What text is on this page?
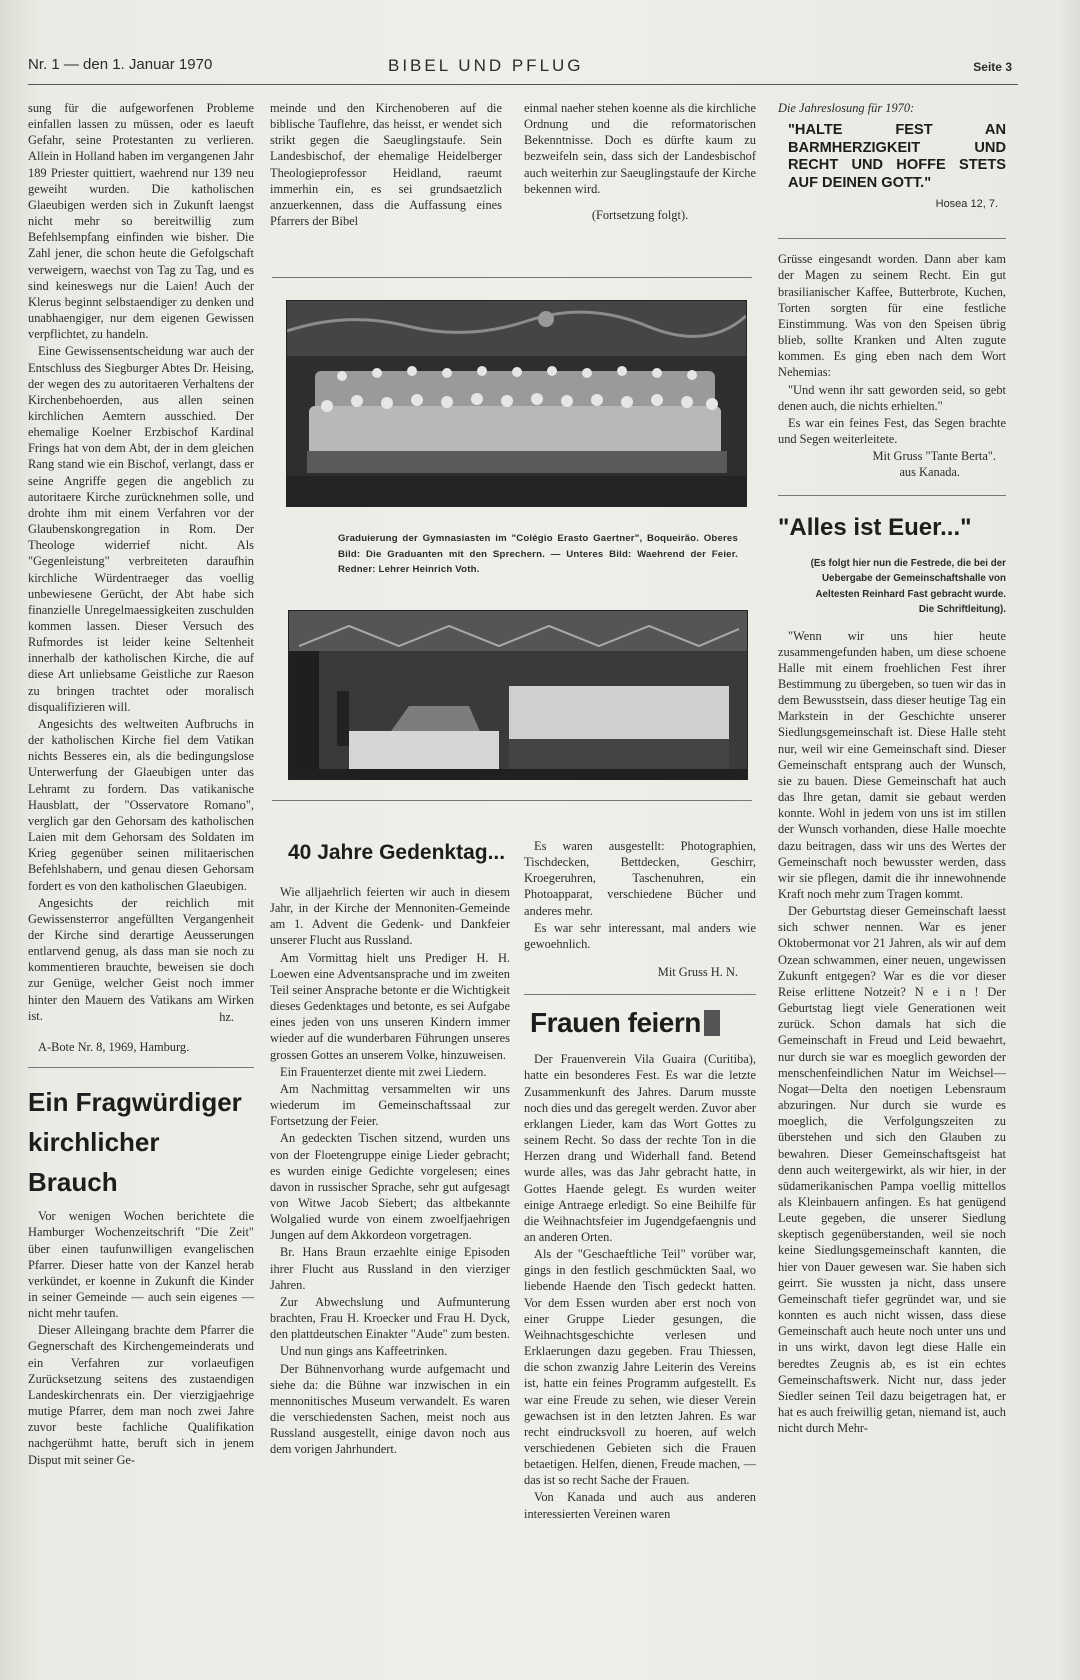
Nr. 1 — den 1. Januar 1970	BIBEL UND PFLUG	Seite 3

sung für die aufgeworfenen Probleme einfallen lassen zu müssen, oder es laeuft Gefahr, seine Protestanten zu verlieren. Allein in Holland haben im vergangenen Jahr 189 Priester quittiert, waehrend nur 139 neu geweiht wurden. Die katholischen Glaeubigen werden sich in Zukunft laengst nicht mehr so bereitwillig zum Befehlsempfang einfinden wie bisher. Die Zahl jener, die schon heute die Gefolgschaft verweigern, waechst von Tag zu Tag, und es sind keineswegs nur die Laien! Auch der Klerus beginnt selbstaendiger zu denken und unabhaengiger, nur dem eigenen Gewissen verpflichtet, zu handeln.

Eine Gewissensentscheidung war auch der Entschluss des Siegburger Abtes Dr. Heising, der wegen des zu autoritaeren Verhaltens der Kirchenbehoerden, aus allen seinen kirchlichen Aemtern ausschied. Der ehemalige Koelner Erzbischof Kardinal Frings hat von dem Abt, der in dem gleichen Rang stand wie ein Bischof, verlangt, dass er seine Angriffe gegen die angeblich zu autoritaere Kirche zurücknehmen solle, und drohte ihm mit einem Verfahren vor der Glaubenskongregation in Rom. Der Theologe widerrief nicht. Als "Gegenleistung" verbreiteten daraufhin kirchliche Würdentraeger das voellig unbewiesene Gerücht, der Abt habe sich finanzielle Unregelmaessigkeiten zuschulden kommen lassen. Dieser Versuch des Rufmordes ist leider keine Seltenheit innerhalb der katholischen Kirche, die auf diese Art unliebsame Geistliche zur Raeson zu bringen trachtet oder moralisch disqualifizieren will.

Angesichts des weltweiten Aufbruchs in der katholischen Kirche fiel dem Vatikan nichts Besseres ein, als die bedingungslose Unterwerfung der Glaeubigen unter das Lehramt zu fordern. Das vatikanische Hausblatt, der "Osservatore Romano", verglich gar den Gehorsam des katholischen Laien mit dem Gehorsam des Soldaten im Krieg gegenüber seinen militaerischen Befehlshabern, und genau diesen Gehorsam fordert es von den katholischen Glaeubigen.

Angesichts der reichlich mit Gewissensterror angefüllten Vergangenheit der Kirche sind derartige Aeusserungen entlarvend genug, als dass man sie noch zu kommentieren brauchte, beweisen sie doch zur Genüge, welcher Geist noch immer hinter den Mauern des Vatikans am Wirken ist.	hz.
A-Bote Nr. 8, 1969, Hamburg.
Ein Fragwürdiger
kirchlicher Brauch

Vor wenigen Wochen berichtete die Hamburger Wochenzeitschrift "Die Zeit" über einen taufunwilligen evangelischen Pfarrer. Dieser hatte von der Kanzel herab verkündet, er koenne in Zukunft die Kinder in seiner Gemeinde — auch sein eigenes — nicht mehr taufen.

Dieser Alleingang brachte dem Pfarrer die Gegnerschaft des Kirchengemeinderats und ein Verfahren zur vorlaeufigen Zurücksetzung seitens des zustaendigen Landeskirchenrats ein. Der vierzigjaehrige mutige Pfarrer, dem man noch zwei Jahre zuvor beste fachliche Qualifikation nachgerühmt hatte, beruft sich in jenem Disput mit seiner Ge-

meinde und den Kirchenoberen auf die biblische Tauflehre, das heisst, er wendet sich strikt gegen die Saeuglingstaufe. Sein Landesbischof, der ehemalige Heidelberger Theologieprofessor Heidland, raeumt immerhin ein, es sei grundsaetzlich anzuerkennen, dass die Auffassung eines Pfarrers der Bibel

einmal naeher stehen koenne als die kirchliche Ordnung und die reformatorischen Bekenntnisse. Doch es dürfte kaum zu bezweifeln sein, dass sich der Landesbischof auch weiterhin zur Saeuglingstaufe der Kirche bekennen wird.

(Fortsetzung folgt).
Graduierung der Gymnasiasten im "Colégio Erasto Gaertner", Boqueirão. Oberes Bild: Die Graduanten mit den Sprechern. — Unteres Bild: Waehrend der Feier. Redner: Lehrer Heinrich Voth.
40 Jahre Gedenktag...

Wie alljaehrlich feierten wir auch in diesem Jahr, in der Kirche der Mennoniten-Gemeinde am 1. Advent die Gedenk- und Dankfeier unserer Flucht aus Russland.

Am Vormittag hielt uns Prediger H. H. Loewen eine Adventsansprache und im zweiten Teil seiner Ansprache betonte er die Wichtigkeit dieses Gedenktages und betonte, es sei Aufgabe eines jeden von uns unseren Kindern immer wieder auf die wunderbaren Führungen unseres grossen Gottes an unserem Volke, hinzuweisen.

Ein Frauenterzet diente mit zwei Liedern.

Am Nachmittag versammelten wir uns wiederum im Gemeinschaftssaal zur Fortsetzung der Feier.

An gedeckten Tischen sitzend, wurden uns von der Floetengruppe einige Lieder gebracht; es wurden einige Gedichte vorgelesen; eines davon in russischer Sprache, sehr gut aufgesagt von Witwe Jacob Siebert; das altbekannte Wolgalied wurde von einem zwoelfjaehrigen Jungen auf dem Akkordeon vorgetragen.

Br. Hans Braun erzaehlte einige Episoden ihrer Flucht aus Russland in den vierziger Jahren.

Zur Abwechslung und Aufmunterung brachten, Frau H. Kroecker und Frau H. Dyck, den plattdeutschen Einakter "Aude" zum besten.

Und nun gings ans Kaffeetrinken.

Der Bühnenvorhang wurde aufgemacht und siehe da: die Bühne war inzwischen in ein mennonitisches Museum verwandelt. Es waren die verschiedensten Sachen, meist noch aus Russland ausgestellt, einige davon noch aus dem vorigen Jahrhundert.

Es waren ausgestellt: Photographien, Tischdecken, Bettdecken, Geschirr, Kroegeruhren, Taschenuhren, ein Photoapparat, verschiedene Bücher und anderes mehr.

Es war sehr interessant, mal anders wie gewoehnlich.

Mit Gruss H. N.
Frauen feiern

Der Frauenverein Vila Guaira (Curitiba), hatte ein besonderes Fest. Es war die letzte Zusammenkunft des Jahres. Darum musste noch dies und das geregelt werden. Zuvor aber erklangen Lieder, kam das Wort Gottes zu seinem Recht. So dass der rechte Ton in die Herzen drang und Widerhall fand. Betend wurde alles, was das Jahr gebracht hatte, in Gottes Haende gelegt. Es wurden weiter einige Antraege erledigt. So eine Beihilfe für die Weihnachtsfeier im Jugendgefaengnis und an anderen Orten.

Als der "Geschaeftliche Teil" vorüber war, gings in den festlich geschmückten Saal, wo liebende Haende den Tisch gedeckt hatten. Vor dem Essen wurden aber erst noch von einer Gruppe Lieder gesungen, die Weihnachtsgeschichte verlesen und Erklaerungen dazu gegeben. Frau Thiessen, die schon zwanzig Jahre Leiterin des Vereins ist, hatte ein feines Programm aufgestellt. Es war eine Freude zu sehen, wie dieser Verein gewachsen ist in den letzten Jahren. Es war recht eindrucksvoll zu hoeren, auf welch verschiedenen Gebieten sich die Frauen betaetigen. Helfen, dienen, Freude machen, — das ist so recht Sache der Frauen.

Von Kanada und auch aus anderen interessierten Vereinen waren

Die Jahreslosung für 1970:
"HALTE FEST AN BARMHERZIGKEIT UND RECHT UND HOFFE STETS AUF DEINEN GOTT."
Hosea 12, 7.

Grüsse eingesandt worden. Dann aber kam der Magen zu seinem Recht. Ein gut brasilianischer Kaffee, Butterbrote, Kuchen, Torten sorgten für eine festliche Einstimmung. Was von den Speisen übrig blieb, sollte Kranken und Alten zugute kommen. Es ging eben nach dem Wort Nehemias:

"Und wenn ihr satt geworden seid, so gebt denen auch, die nichts erhielten."

Es war ein feines Fest, das Segen brachte und Segen weiterleitete.

Mit Gruss "Tante Berta".
aus Kanada.
"Alles ist Euer..."
(Es folgt hier nun die Festrede, die bei der Uebergabe der Gemeinschaftshalle von Aeltesten Reinhard Fast gebracht wurde. Die Schriftleitung).

"Wenn wir uns hier heute zusammengefunden haben, um diese schoene Halle mit einem froehlichen Fest ihrer Bestimmung zu übergeben, so tuen wir das in dem Bewusstsein, dass dieser heutige Tag ein Markstein in der Geschichte unserer Siedlungsgemeinschaft ist. Diese Halle steht nur, weil wir eine Gemeinschaft sind. Dieser Gemeinschaft entsprang auch der Wunsch, sie zu bauen. Diese Gemeinschaft hat auch das Ihre getan, damit sie gebaut werden konnte. Wohl in jedem von uns ist im stillen der Wunsch vorhanden, diese Halle moechte dazu beitragen, dass wir uns des Wertes der Gemeinschaft noch bewusster werden, dass wir sie pflegen, damit die ihr innewohnende Kraft noch mehr zum Tragen kommt.

Der Geburtstag dieser Gemeinschaft laesst sich schwer nennen. War es jener Oktobermonat vor 21 Jahren, als wir auf dem Ozean schwammen, einer neuen, ungewissen Zukunft entgegen? War es die vor dieser Reise erlittene Notzeit? N e i n ! Der Geburtstag liegt viele Generationen weit zurück. Schon damals hat sich die Gemeinschaft in Freud und Leid bewaehrt, nur durch sie war es moeglich geworden der menschenfeindlichen Natur im Weichsel—Nogat—Delta den noetigen Lebensraum abzuringen. Nur durch sie wurde es moeglich, die Verfolgungszeiten zu überstehen und sich den Glauben zu bewahren. Dieser Gemeinschaftsgeist hat denn auch weitergewirkt, als wir hier, in der südamerikanischen Pampa voellig mittellos als Kleinbauern anfingen. Es hat genügend Leute gegeben, die unserer Siedlung skeptisch gegenüberstanden, weil sie noch keine Siedlungsgemeinschaft kannten, die hier von Dauer gewesen war. Sie haben sich geirrt. Sie wussten ja nicht, dass unsere Gemeinschaft tiefer gegründet war, und sie konnten es auch nicht wissen, dass diese Gemeinschaft auch heute noch unter uns und in uns wirkt, davon legt diese Halle ein beredtes Zeugnis ab, es ist ein echtes Gemeinschaftswerk. Nicht nur, dass jeder Siedler seinen Teil dazu beigetragen hat, er hat es auch freiwillig getan, niemand ist, auch nicht durch Mehr-
